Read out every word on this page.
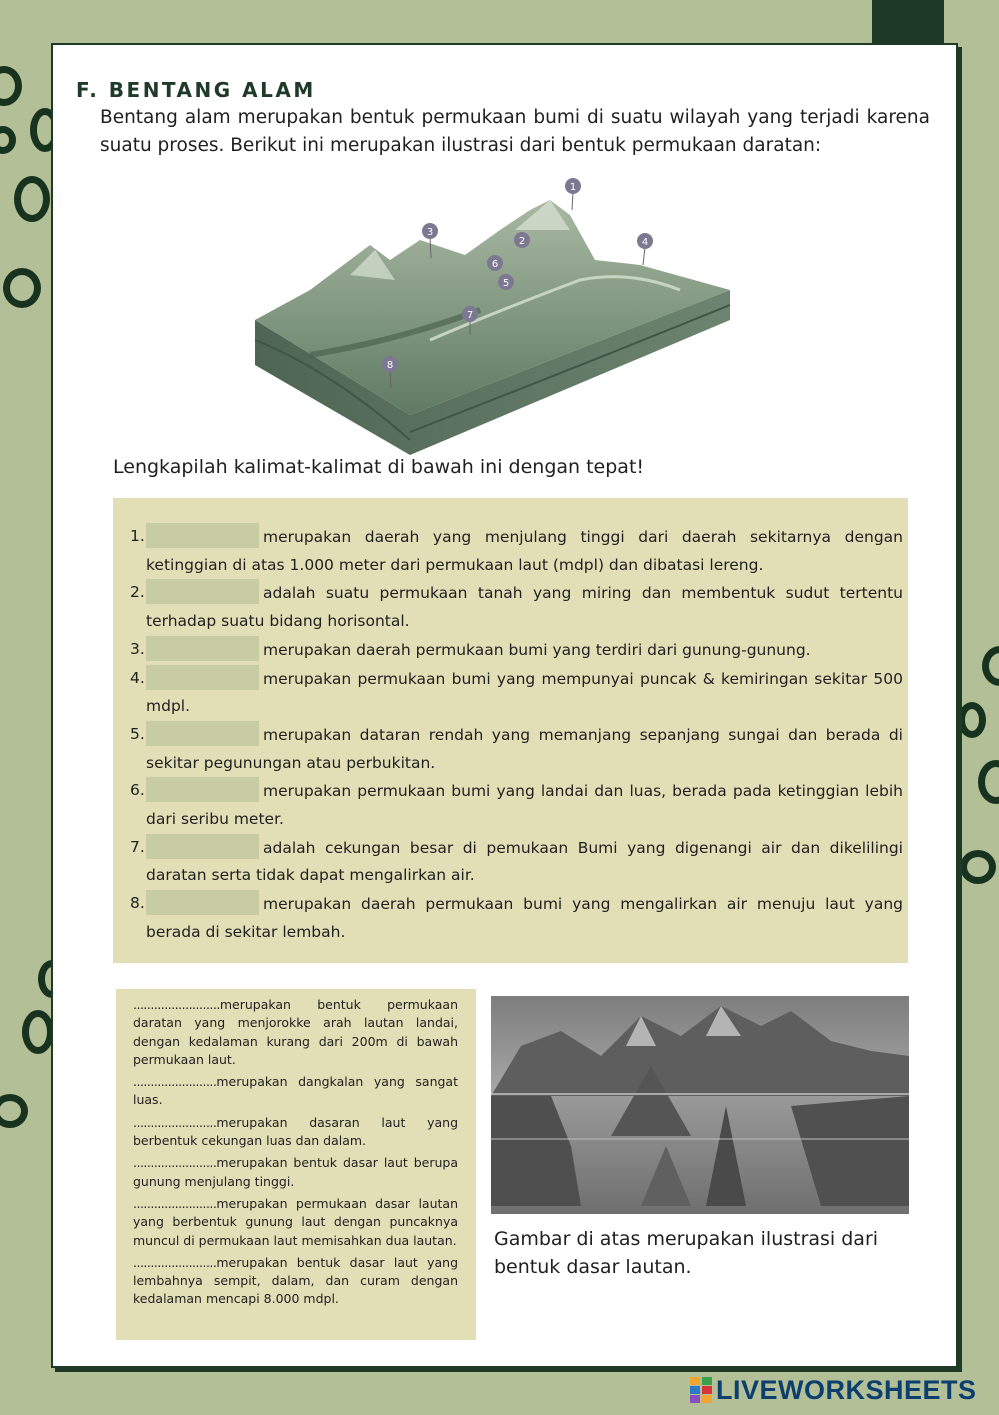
F. BENTANG ALAM
Bentang alam merupakan bentuk permukaan bumi di suatu wilayah yang terjadi karena suatu proses. Berikut ini merupakan ilustrasi dari bentuk permukaan daratan:
1
2
3
4
5
6
7
8
Lengkapilah kalimat-kalimat di bawah ini dengan tepat!
1.	merupakan daerah yang menjulang tinggi dari daerah sekitarnya dengan ketinggian di atas 1.000 meter dari permukaan laut (mdpl) dan dibatasi lereng.
2.	adalah suatu permukaan tanah yang miring dan membentuk sudut tertentu terhadap suatu bidang horisontal.
3.	merupakan daerah permukaan bumi yang terdiri dari gunung-gunung.
4.	merupakan permukaan bumi yang mempunyai puncak & kemiringan sekitar 500 mdpl.
5.	merupakan dataran rendah yang memanjang sepanjang sungai dan berada di sekitar pegunungan atau perbukitan.
6.	merupakan permukaan bumi yang landai dan luas, berada pada ketinggian lebih dari seribu meter.
7.	adalah cekungan besar di pemukaan Bumi yang digenangi air dan dikelilingi daratan serta tidak dapat mengalirkan air.
8.	merupakan daerah permukaan bumi yang mengalirkan air menuju laut yang berada di sekitar lembah.
.........................merupakan bentuk permukaan daratan yang menjorokke arah lautan landai, dengan kedalaman kurang dari 200m di bawah permukaan laut.
........................merupakan dangkalan yang sangat luas.
........................merupakan dasaran laut yang berbentuk cekungan luas dan dalam.
........................merupakan bentuk dasar laut berupa gunung menjulang tinggi.
........................merupakan permukaan dasar lautan yang berbentuk gunung laut dengan puncaknya muncul di permukaan laut memisahkan dua lautan.
........................merupakan bentuk dasar laut yang lembahnya sempit, dalam, dan curam dengan kedalaman mencapi 8.000 mdpl.
Gambar di atas merupakan ilustrasi dari bentuk dasar lautan.
LIVEWORKSHEETS
